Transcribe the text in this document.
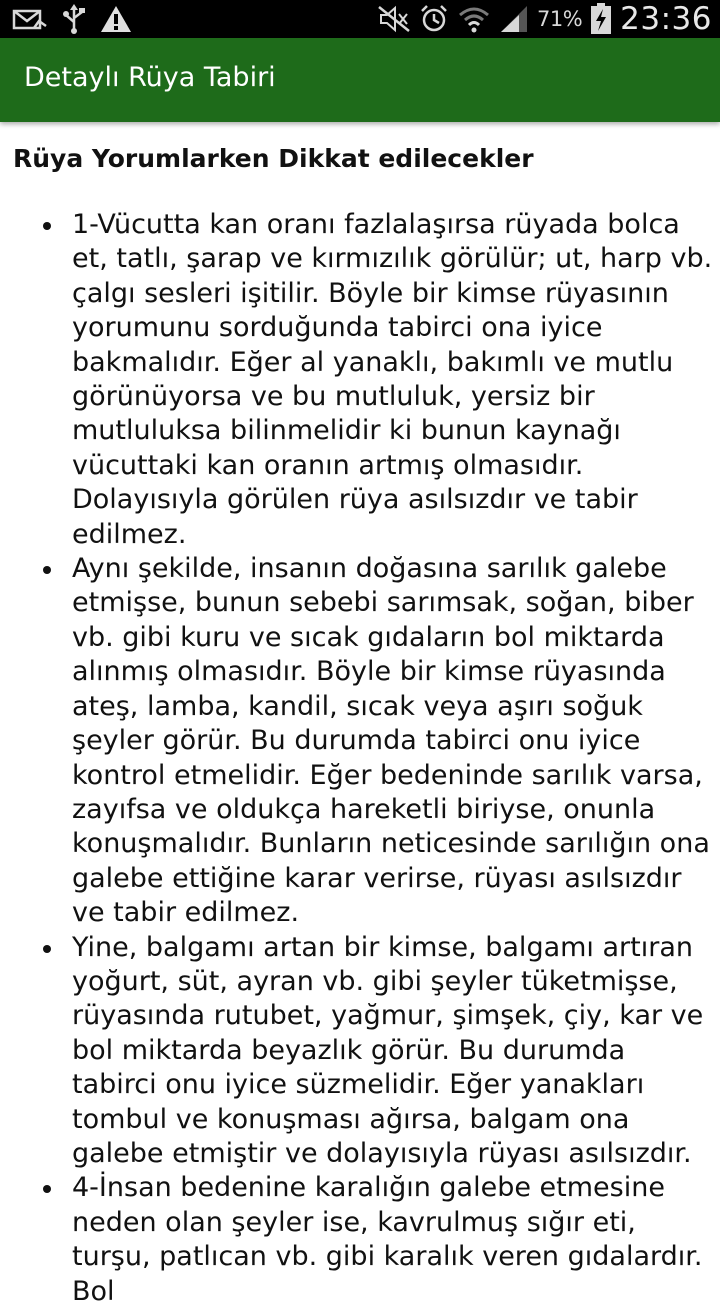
71% 23:36
Detaylı Rüya Tabiri
Rüya Yorumlarken Dikkat edilecekler
1-Vücutta kan oranı fazlalaşırsa rüyada bolca et, tatlı, şarap ve kırmızılık görülür; ut, harp vb. çalgı sesleri işitilir. Böyle bir kimse rüyasının yorumunu sorduğunda tabirci ona iyice bakmalıdır. Eğer al yanaklı, bakımlı ve mutlu görünüyorsa ve bu mutluluk, yersiz bir mutluluksa bilinmelidir ki bunun kaynağı vücuttaki kan oranın artmış olmasıdır. Dolayısıyla görülen rüya asılsızdır ve tabir edilmez.
Aynı şekilde, insanın doğasına sarılık galebe etmişse, bunun sebebi sarımsak, soğan, biber vb. gibi kuru ve sıcak gıdaların bol miktarda alınmış olmasıdır. Böyle bir kimse rüyasında ateş, lamba, kandil, sıcak veya aşırı soğuk şeyler görür. Bu durumda tabirci onu iyice kontrol etmelidir. Eğer bedeninde sarılık varsa, zayıfsa ve oldukça hareketli biriyse, onunla konuşmalıdır. Bunların neticesinde sarılığın ona galebe ettiğine karar verirse, rüyası asılsızdır ve tabir edilmez.
Yine, balgamı artan bir kimse, balgamı artıran yoğurt, süt, ayran vb. gibi şeyler tüketmişse, rüyasında rutubet, yağmur, şimşek, çiy, kar ve bol miktarda beyazlık görür. Bu durumda tabirci onu iyice süzmelidir. Eğer yanakları tombul ve konuşması ağırsa, balgam ona galebe etmiştir ve dolayısıyla rüyası asılsızdır.
4-İnsan bedenine karalığın galebe etmesine neden olan şeyler ise, kavrulmuş sığır eti, turşu, patlıcan vb. gibi karalık veren gıdalardır. Bol
